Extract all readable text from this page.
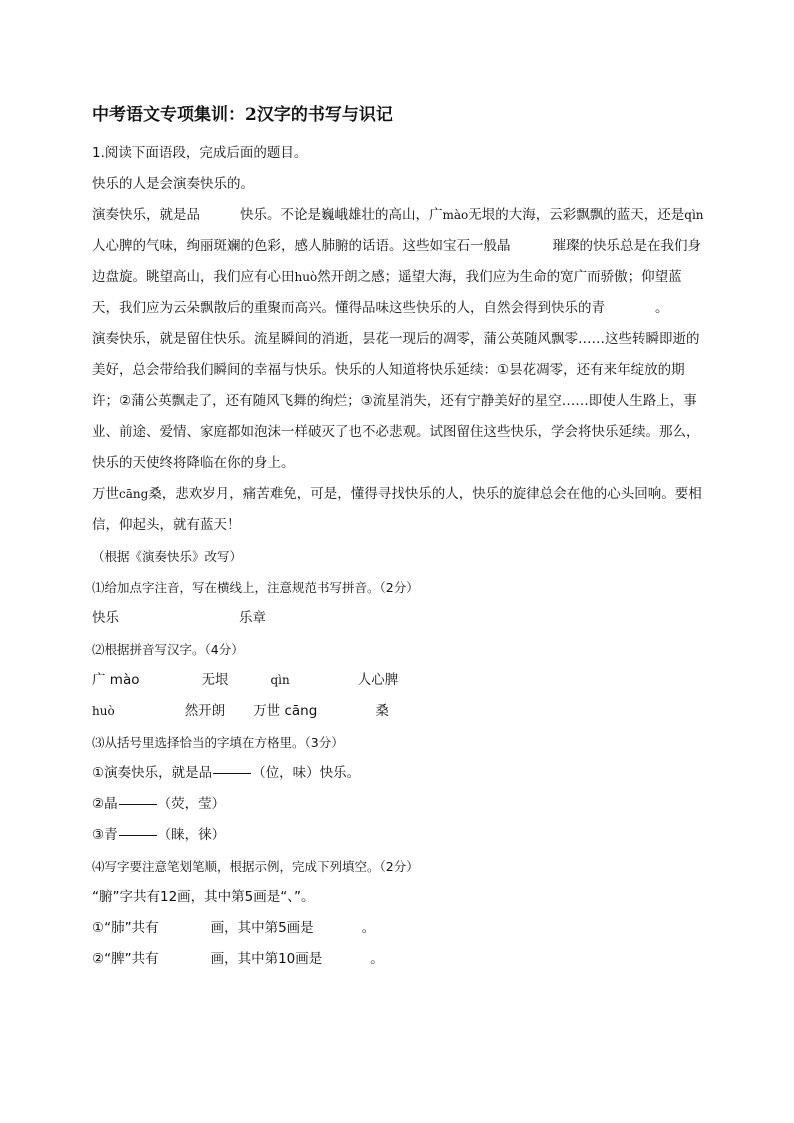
中考语文专项集训：2汉字的书写与识记
1.阅读下面语段，完成后面的题目。
快乐的人是会演奏快乐的。
演奏快乐，就是品	快乐。不论是巍峨雄壮的高山，广mào无垠的大海，云彩飘飘的蓝天，还是qìn人心脾的气味，绚丽斑斓的色彩，感人肺腑的话语。这些如宝石一般晶	璀璨的快乐总是在我们身边盘旋。眺望高山，我们应有心田huò然开朗之感；遥望大海，我们应为生命的宽广而骄傲；仰望蓝天，我们应为云朵飘散后的重聚而高兴。懂得品味这些快乐的人，自然会得到快乐的青	。
演奏快乐，就是留住快乐。流星瞬间的消逝，昙花一现后的凋零，蒲公英随风飘零……这些转瞬即逝的美好，总会带给我们瞬间的幸福与快乐。快乐的人知道将快乐延续：①昙花凋零，还有来年绽放的期许；②蒲公英飘走了，还有随风飞舞的绚烂；③流星消失，还有宁静美好的星空……即使人生路上，事业、前途、爱情、家庭都如泡沫一样破灭了也不必悲观。试图留住这些快乐，学会将快乐延续。那么，快乐的天使终将降临在你的身上。
万世cāng桑，悲欢岁月，痛苦难免，可是，懂得寻找快乐的人，快乐的旋律总会在他的心头回响。要相信，仰起头，就有蓝天！
（根据《演奏快乐》改写）
⑴给加点字注音，写在横线上，注意规范书写拼音。（2分）
快乐	乐章
⑵根据拼音写汉字。（4分）
广 mào	无垠	qìn	人心脾
huò	然开朗 万世 cāng	桑
⑶从括号里选择恰当的字填在方格里。（3分）
①演奏快乐，就是品	（位，味）快乐。
②晶	（荧，莹）
③青	（睐，徕）
⑷写字要注意笔划笔顺，根据示例，完成下列填空。（2分）
“腑”字共有12画，其中第5画是“、”。
①“肺”共有	画，其中第5画是	。
②“脾”共有	画，其中第10画是	。
